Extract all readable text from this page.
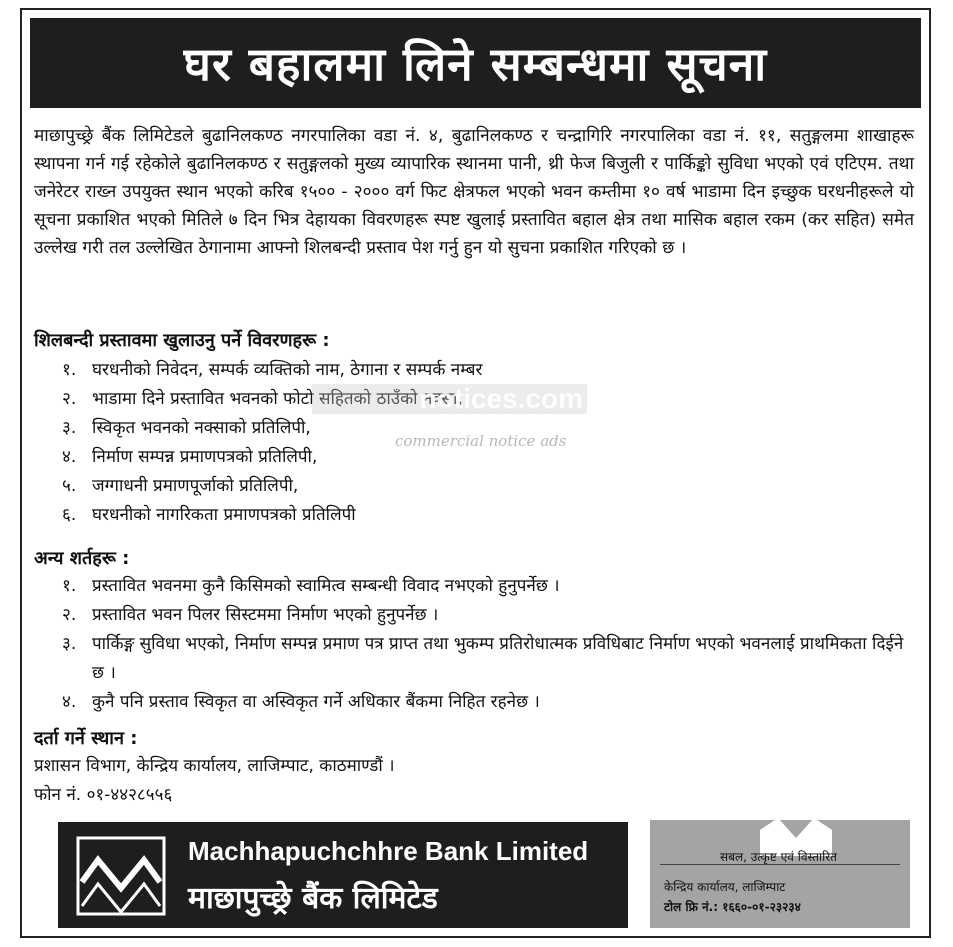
घर बहालमा लिने सम्बन्धमा सूचना
माछापुच्छ्रे बैंक लिमिटेडले बुढानिलकण्ठ नगरपालिका वडा नं. ४, बुढानिलकण्ठ र चन्द्रागिरि नगरपालिका वडा नं. ११, सतुङ्गलमा शाखाहरू स्थापना गर्न गई रहेकोले बुढानिलकण्ठ र सतुङ्गलको मुख्य व्यापारिक स्थानमा पानी, थ्री फेज बिजुली र पार्किङ्को सुविधा भएको एवं एटिएम. तथा जनेरेटर राख्न उपयुक्त स्थान भएको करिब १५०० - २००० वर्ग फिट क्षेत्रफल भएको भवन कम्तीमा १० वर्ष भाडामा दिन इच्छुक घरधनीहरूले यो सूचना प्रकाशित भएको मितिले ७ दिन भित्र देहायका विवरणहरू स्पष्ट खुलाई प्रस्तावित बहाल क्षेत्र तथा मासिक बहाल रकम (कर सहित) समेत उल्लेख गरी तल उल्लेखित ठेगानामा आफ्नो शिलबन्दी प्रस्ताव पेश गर्नु हुन यो सुचना प्रकाशित गरिएको छ ।
शिलबन्दी प्रस्तावमा खुलाउनु पर्ने विवरणहरू :
१. घरधनीको निवेदन, सम्पर्क व्यक्तिको नाम, ठेगाना र सम्पर्क नम्बर
२. भाडामा दिने प्रस्तावित भवनको फोटो सहितको ठाउँको नक्सा,
३. स्विकृत भवनको नक्साको प्रतिलिपी,
४. निर्माण सम्पन्न प्रमाणपत्रको प्रतिलिपी,
५. जग्गाधनी प्रमाणपूर्जाको प्रतिलिपी,
६. घरधनीको नागरिकता प्रमाणपत्रको प्रतिलिपी
अन्य शर्तहरू :
१. प्रस्तावित भवनमा कुनै किसिमको स्वामित्व सम्बन्धी विवाद नभएको हुनुपर्नेछ ।
२. प्रस्तावित भवन पिलर सिस्टममा निर्माण भएको हुनुपर्नेछ ।
३. पार्किङ्ग सुविधा भएको, निर्माण सम्पन्न प्रमाण पत्र प्राप्त तथा भुकम्प प्रतिरोधात्मक प्रविधिबाट निर्माण भएको भवनलाई प्राथमिकता दिईने छ ।
४. कुनै पनि प्रस्ताव स्विकृत वा अस्विकृत गर्ने अधिकार बैंकमा निहित रहनेछ ।
दर्ता गर्ने स्थान :
प्रशासन विभाग, केन्द्रिय कार्यालय, लाजिम्पाट, काठमाण्डौं ।
फोन नं. ०१-४४२८५५६
notices.com
commercial notice ads
Machhapuchchhre Bank Limited
माछापुच्छ्रे बैंक लिमिटेड
सबल, उत्कृष्ट एवं विस्तारित
केन्द्रिय कार्यालय, लाजिम्पाट
टोल फ्रि नं.: १६६०-०१-२३२३४
